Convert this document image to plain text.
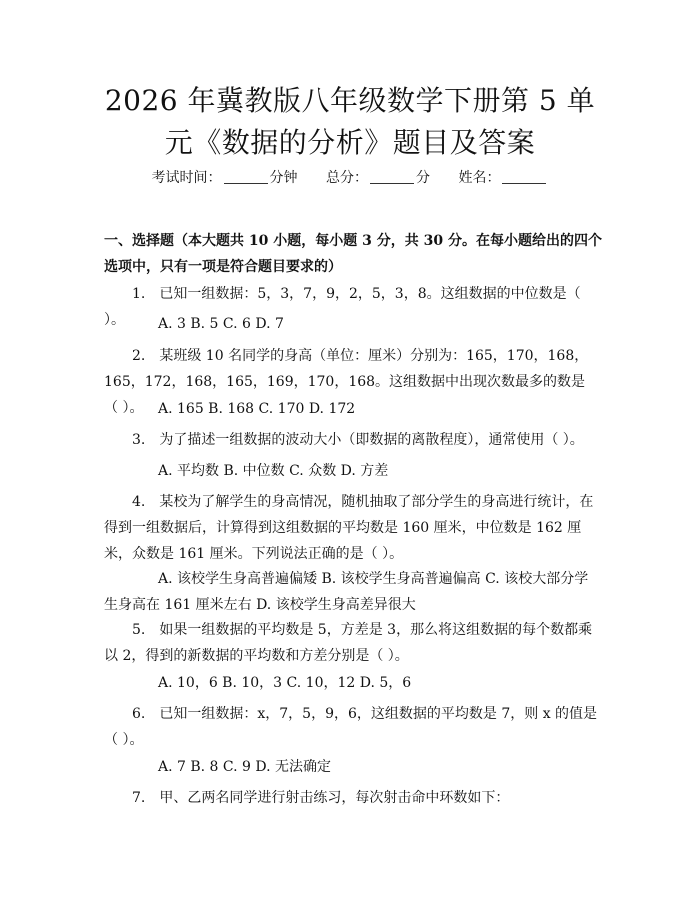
2026 年冀教版八年级数学下册第 5 单元《数据的分析》题目及答案
考试时间：	分钟 总分：	分 姓名：
一、选择题（本大题共 10 小题，每小题 3 分，共 30 分。在每小题给出的四个选项中，只有一项是符合题目要求的）
1.　已知一组数据：5，3，7，9，2，5，3，8。这组数据的中位数是（ ）。	A. 3 B. 5 C. 6 D. 7
2.　某班级 10 名同学的身高（单位：厘米）分别为：165，170，168，165，172，168，165，169，170，168。这组数据中出现次数最多的数是（ ）。	A. 165 B. 168 C. 170 D. 172
3.　为了描述一组数据的波动大小（即数据的离散程度），通常使用（ ）。
A. 平均数 B. 中位数 C. 众数 D. 方差
4.　某校为了解学生的身高情况，随机抽取了部分学生的身高进行统计，在得到一组数据后，计算得到这组数据的平均数是 160 厘米，中位数是 162 厘米，众数是 161 厘米。下列说法正确的是（ ）。
A. 该校学生身高普遍偏矮 B. 该校学生身高普遍偏高 C. 该校大部分学生身高在 161 厘米左右 D. 该校学生身高差异很大
5.　如果一组数据的平均数是 5，方差是 3，那么将这组数据的每个数都乘以 2，得到的新数据的平均数和方差分别是（ ）。
A. 10，6 B. 10，3 C. 10，12 D. 5，6
6.　已知一组数据：x，7，5，9，6，这组数据的平均数是 7，则 x 的值是（ ）。
A. 7 B. 8 C. 9 D. 无法确定
7.　甲、乙两名同学进行射击练习，每次射击命中环数如下：
